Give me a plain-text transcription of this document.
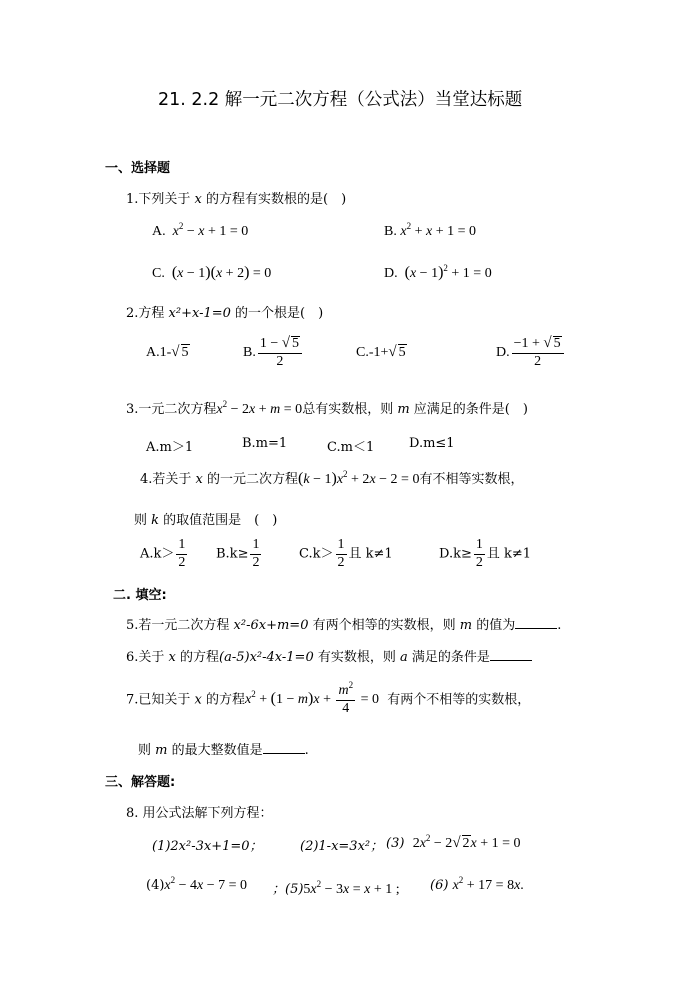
21. 2.2 解一元二次方程（公式法）当堂达标题
一、选择题
1.下列关于 x 的方程有实数根的是(　)
A. $x^2 - x + 1 = 0$	B. $x^2 + x + 1 = 0$
C. (x − 1)(x + 2) = 0	D. $(x - 1)^2 + 1 = 0$
2.方程 x²+x-1=0 的一个根是(　)
A.1-√ 5	B. $\frac{1 - √ 5}{2}$	C.-1+√ 5	D. $\frac{-1 + √ 5}{2}$
3.一元二次方程$x^2 - 2x + m = 0$总有实数根，则 m 应满足的条件是(　)
A.m＞1	B.m=1	C.m＜1	D.m≤1
4.若关于 x 的一元二次方程$(k - 1)x^2 + 2x - 2 = 0$有不相等实数根，
则 k 的取值范围是　(　)
$A.k> \frac{1}{2} B.k\ge \frac{1}{2}$	$C.k> \frac{1}{2}$ 且 k≠1	$D.k\ge \frac{1}{2}$ 且 k≠1
二. 填空:
5.若一元二次方程 x²-6x+m=0 有两个相等的实数根，则 m 的值为	.
6.关于 x 的方程(a-5)x²-4x-1=0 有实数根，则 a 满足的条件是
7.已知关于 x 的方程$x^2 + (1 - m)x + \frac{m^2}{4} = 0$ 有两个不相等的实数根，
则 m 的最大整数值是	.
三、解答题:
8. 用公式法解下列方程：
(1)2x²-3x+1=0；	(2)1-x=3x²； (3) $2x^2 - 2√$ 2x + 1 = 0
$(4)x^2 - 4x - 7 = 0$ ；$(5)5x^2 - 3x = x + 1$ ; (6) $x^2 + 17 = 8x$.
